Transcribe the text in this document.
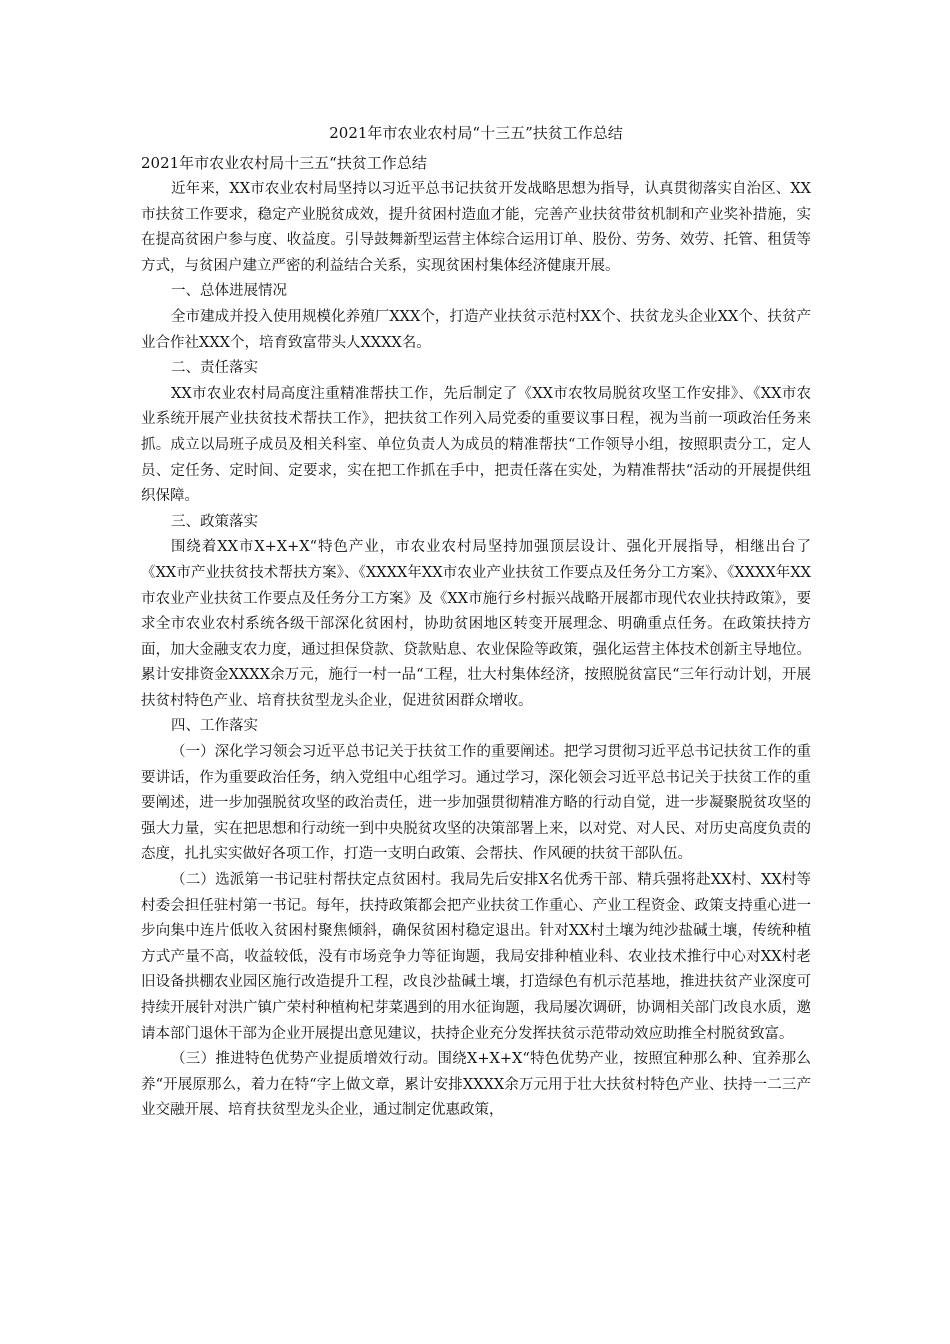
2021年市农业农村局“十三五”扶贫工作总结
2021年市农业农村局十三五“扶贫工作总结

近年来，XX市农业农村局坚持以习近平总书记扶贫开发战略思想为指导，认真贯彻落实自治区、XX市扶贫工作要求，稳定产业脱贫成效，提升贫困村造血才能，完善产业扶贫带贫机制和产业奖补措施，实在提高贫困户参与度、收益度。引导鼓舞新型运营主体综合运用订单、股份、劳务、效劳、托管、租赁等方式，与贫困户建立严密的利益结合关系，实现贫困村集体经济健康开展。

一、总体进展情况

全市建成并投入使用规模化养殖厂XXX个，打造产业扶贫示范村XX个、扶贫龙头企业XX个、扶贫产业合作社XXX个，培育致富带头人XXXX名。

二、责任落实

XX市农业农村局高度注重精准帮扶工作，先后制定了《XX市农牧局脱贫攻坚工作安排》、《XX市农业系统开展产业扶贫技术帮扶工作》，把扶贫工作列入局党委的重要议事日程，视为当前一项政治任务来抓。成立以局班子成员及相关科室、单位负责人为成员的精准帮扶“工作领导小组，按照职责分工，定人员、定任务、定时间、定要求，实在把工作抓在手中，把责任落在实处，为精准帮扶“活动的开展提供组织保障。

三、政策落实

围绕着XX市X+X+X“特色产业，市农业农村局坚持加强顶层设计、强化开展指导，相继出台了《XX市产业扶贫技术帮扶方案》、《XXXX年XX市农业产业扶贫工作要点及任务分工方案》、《XXXX年XX市农业产业扶贫工作要点及任务分工方案》及《XX市施行乡村振兴战略开展都市现代农业扶持政策》，要求全市农业农村系统各级干部深化贫困村，协助贫困地区转变开展理念、明确重点任务。在政策扶持方面，加大金融支农力度，通过担保贷款、贷款贴息、农业保险等政策，强化运营主体技术创新主导地位。累计安排资金XXXX余万元，施行一村一品“工程，壮大村集体经济，按照脱贫富民“三年行动计划，开展扶贫村特色产业、培育扶贫型龙头企业，促进贫困群众增收。

四、工作落实

（一）深化学习领会习近平总书记关于扶贫工作的重要阐述。把学习贯彻习近平总书记扶贫工作的重要讲话，作为重要政治任务，纳入党组中心组学习。通过学习，深化领会习近平总书记关于扶贫工作的重要阐述，进一步加强脱贫攻坚的政治责任，进一步加强贯彻精准方略的行动自觉，进一步凝聚脱贫攻坚的强大力量，实在把思想和行动统一到中央脱贫攻坚的决策部署上来，以对党、对人民、对历史高度负责的态度，扎扎实实做好各项工作，打造一支明白政策、会帮扶、作风硬的扶贫干部队伍。

（二）选派第一书记驻村帮扶定点贫困村。我局先后安排X名优秀干部、精兵强将赴XX村、XX村等村委会担任驻村第一书记。每年，扶持政策都会把产业扶贫工作重心、产业工程资金、政策支持重心进一步向集中连片低收入贫困村聚焦倾斜，确保贫困村稳定退出。针对XX村土壤为纯沙盐碱土壤，传统种植方式产量不高，收益较低，没有市场竞争力等征询题，我局安排种植业科、农业技术推行中心对XX村老旧设备拱棚农业园区施行改造提升工程，改良沙盐碱土壤，打造绿色有机示范基地，推进扶贫产业深度可持续开展针对洪广镇广荣村种植枸杞芽菜遇到的用水征询题，我局屡次调研，协调相关部门改良水质，邀请本部门退休干部为企业开展提出意见建议，扶持企业充分发挥扶贫示范带动效应助推全村脱贫致富。

（三）推进特色优势产业提质增效行动。围绕X+X+X“特色优势产业，按照宜种那么种、宜养那么养“开展原那么，着力在特“字上做文章，累计安排XXXX余万元用于壮大扶贫村特色产业、扶持一二三产业交融开展、培育扶贫型龙头企业，通过制定优惠政策，
